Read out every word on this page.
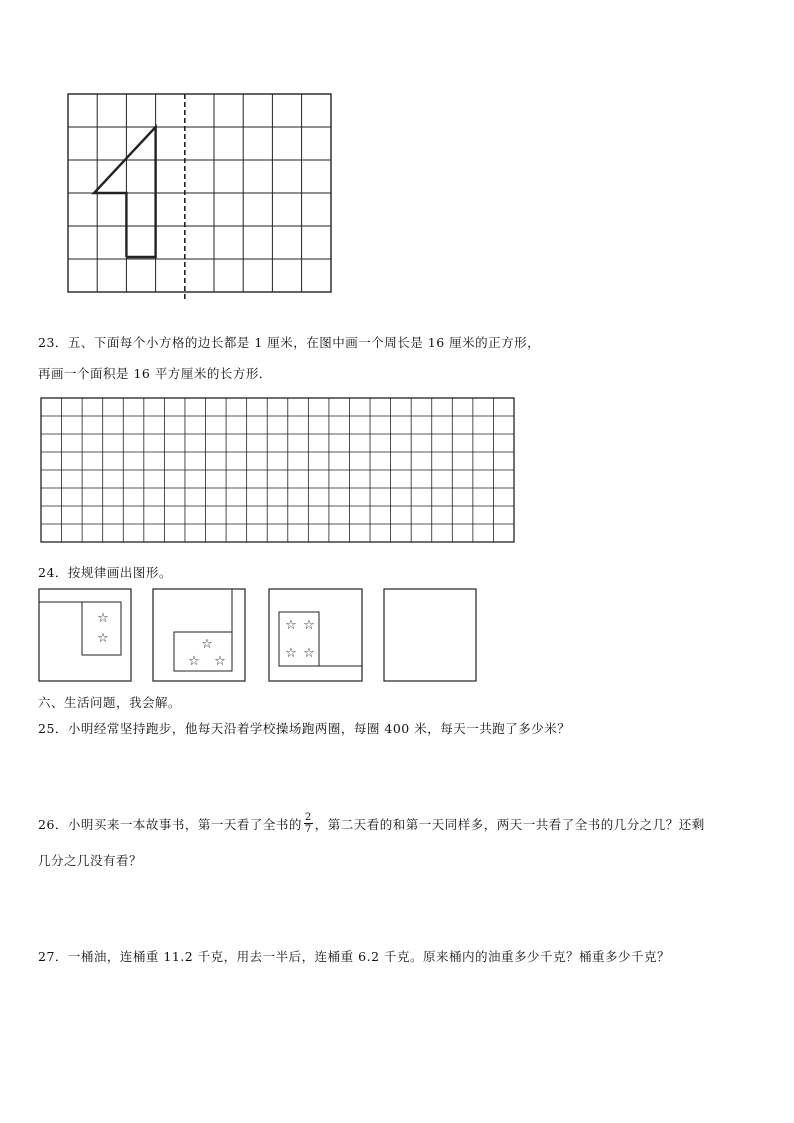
23．五、下面每个小方格的边长都是 1 厘米，在图中画一个周长是 16 厘米的正方形，
再画一个面积是 16 平方厘米的长方形．
24．按规律画出图形。
☆
☆	☆
☆ ☆
☆ ☆
☆ ☆
六、生活问题，我会解。
25．小明经常坚持跑步，他每天沿着学校操场跑两圈，每圈 400 米，每天一共跑了多少米？
26．小明买来一本故事书，第一天看了全书的 $\frac{2}{7}$ ，第二天看的和第一天同样多，两天一共看了全书的几分之几？还剩
几分之几没有看？
27．一桶油，连桶重 11.2 千克，用去一半后，连桶重 6.2 千克。原来桶内的油重多少千克？桶重多少千克？
